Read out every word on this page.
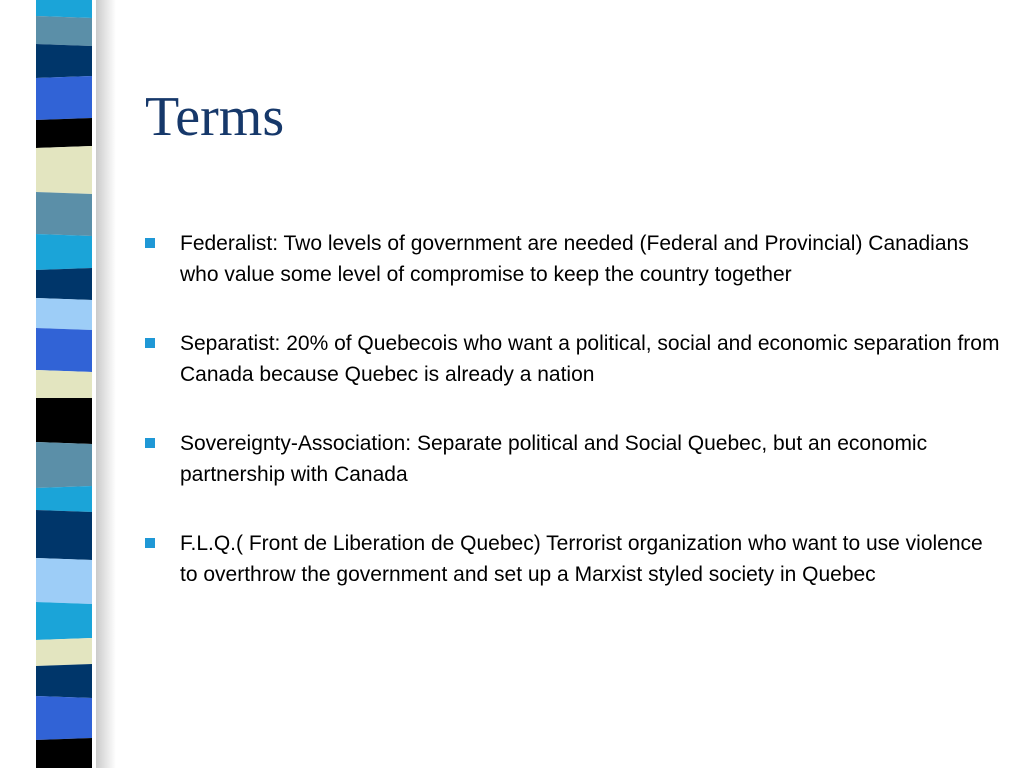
Terms
Federalist: Two levels of government are needed (Federal and Provincial) Canadians who value some level of compromise to keep the country together
Separatist: 20% of Quebecois who want a political, social and economic separation from Canada because Quebec is already a nation
Sovereignty-Association: Separate political and Social Quebec, but an economic partnership with Canada
F.L.Q.( Front de Liberation de Quebec) Terrorist organization who want to use violence to overthrow the government and set up a Marxist styled society in Quebec
